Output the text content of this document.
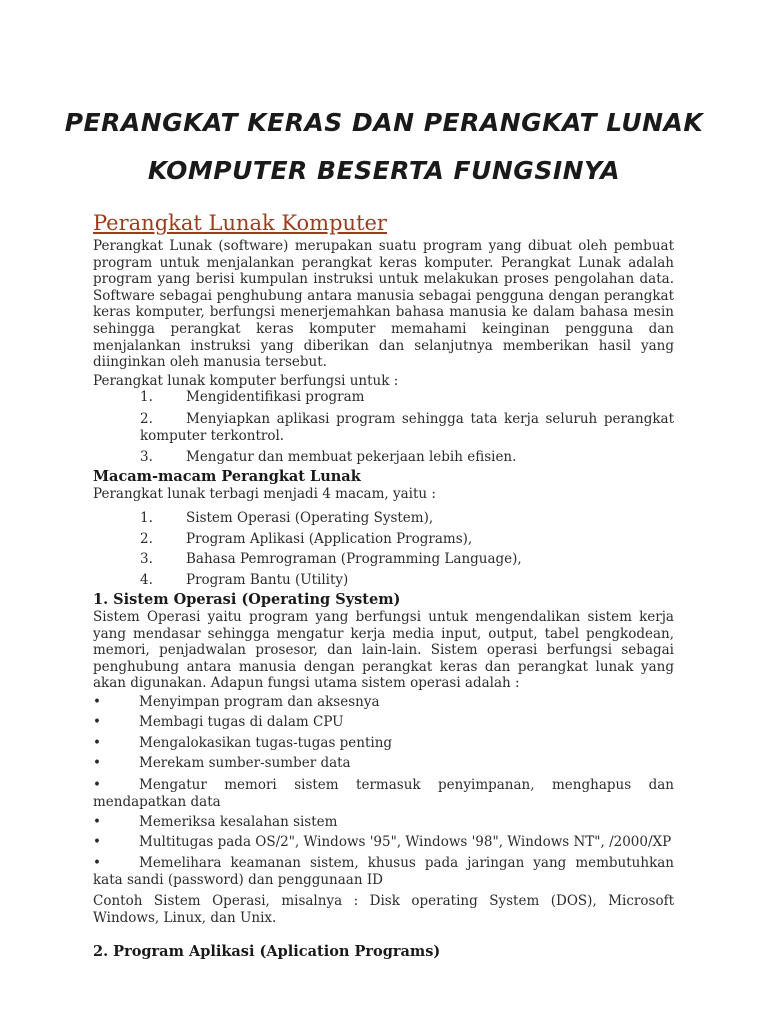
PERANGKAT KERAS DAN PERANGKAT LUNAK
KOMPUTER BESERTA FUNGSINYA
Perangkat Lunak Komputer
Perangkat Lunak (software) merupakan suatu program yang dibuat oleh pembuat program untuk menjalankan perangkat keras komputer. Perangkat Lunak adalah program yang berisi kumpulan instruksi untuk melakukan proses pengolahan data. Software sebagai penghubung antara manusia sebagai pengguna dengan perangkat keras komputer, berfungsi menerjemahkan bahasa manusia ke dalam bahasa mesin sehingga perangkat keras komputer memahami keinginan pengguna dan menjalankan instruksi yang diberikan dan selanjutnya memberikan hasil yang diinginkan oleh manusia tersebut.
Perangkat lunak komputer berfungsi untuk :
1. Mengidentifikasi program
2. Menyiapkan aplikasi program sehingga tata kerja seluruh perangkat komputer terkontrol.
3. Mengatur dan membuat pekerjaan lebih efisien.
Macam-macam Perangkat Lunak
Perangkat lunak terbagi menjadi 4 macam, yaitu :
1. Sistem Operasi (Operating System),
2. Program Aplikasi (Application Programs),
3. Bahasa Pemrograman (Programming Language),
4. Program Bantu (Utility)
1. Sistem Operasi (Operating System)
Sistem Operasi yaitu program yang berfungsi untuk mengendalikan sistem kerja yang mendasar sehingga mengatur kerja media input, output, tabel pengkodean, memori, penjadwalan prosesor, dan lain-lain. Sistem operasi berfungsi sebagai penghubung antara manusia dengan perangkat keras dan perangkat lunak yang akan digunakan. Adapun fungsi utama sistem operasi adalah :
•	Menyimpan program dan aksesnya
•	Membagi tugas di dalam CPU
•	Mengalokasikan tugas-tugas penting
•	Merekam sumber-sumber data
•	Mengatur memori sistem termasuk penyimpanan, menghapus dan mendapatkan data
•	Memeriksa kesalahan sistem
•	Multitugas pada OS/2", Windows '95", Windows '98", Windows NT", /2000/XP
•	Memelihara keamanan sistem, khusus pada jaringan yang membutuhkan kata sandi (password) dan penggunaan ID
Contoh Sistem Operasi, misalnya : Disk operating System (DOS), Microsoft Windows, Linux, dan Unix.
2. Program Aplikasi (Aplication Programs)
